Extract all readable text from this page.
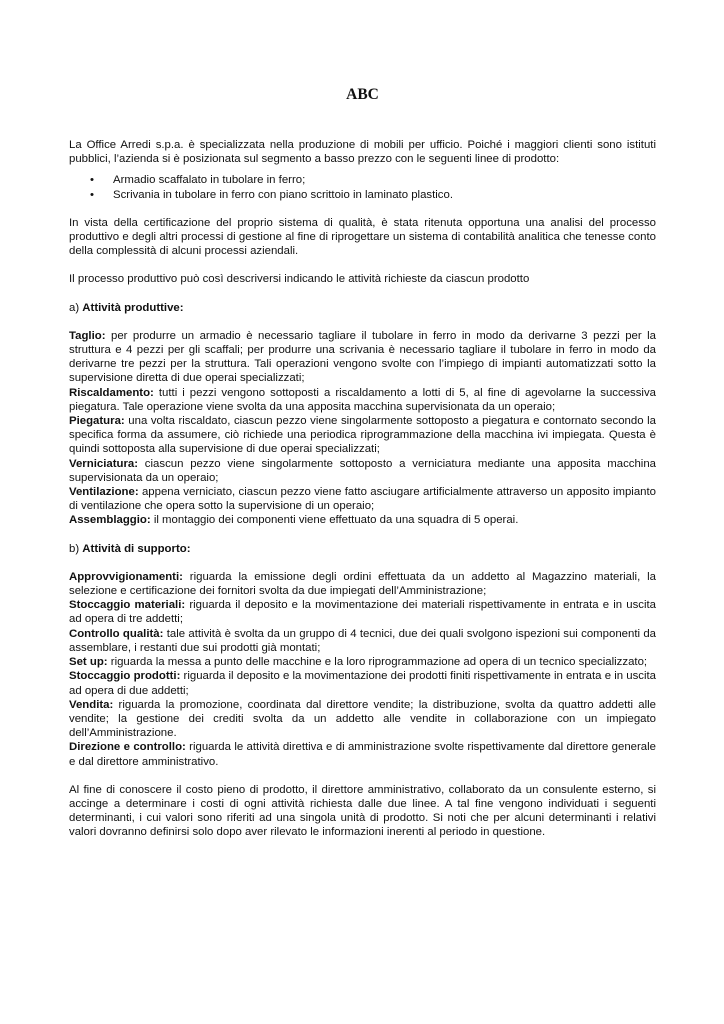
ABC

La Office Arredi s.p.a. è specializzata nella produzione di mobili per ufficio. Poiché i maggiori clienti sono istituti pubblici, l’azienda si è posizionata sul segmento a basso prezzo con le seguenti linee di prodotto:

• Armadio scaffalato in tubolare in ferro;
• Scrivania in tubolare in ferro con piano scrittoio in laminato plastico.

In vista della certificazione del proprio sistema di qualità, è stata ritenuta opportuna una analisi del processo produttivo e degli altri processi di gestione al fine di riprogettare un sistema di contabilità analitica che tenesse conto della complessità di alcuni processi aziendali.

Il processo produttivo può così descriversi indicando le attività richieste da ciascun prodotto

a) Attività produttive:

Taglio: per produrre un armadio è necessario tagliare il tubolare in ferro in modo da derivarne 3 pezzi per la struttura e 4 pezzi per gli scaffali; per produrre una scrivania è necessario tagliare il tubolare in ferro in modo da derivarne tre pezzi per la struttura. Tali operazioni vengono svolte con l’impiego di impianti automatizzati sotto la supervisione diretta di due operai specializzati;

Riscaldamento: tutti i pezzi vengono sottoposti a riscaldamento a lotti di 5, al fine di agevolarne la successiva piegatura. Tale operazione viene svolta da una apposita macchina supervisionata da un operaio;

Piegatura: una volta riscaldato, ciascun pezzo viene singolarmente sottoposto a piegatura e contornato secondo la specifica forma da assumere, ciò richiede una periodica riprogrammazione della macchina ivi impiegata. Questa è quindi sottoposta alla supervisione di due operai specializzati;

Verniciatura: ciascun pezzo viene singolarmente sottoposto a verniciatura mediante una apposita macchina supervisionata da un operaio;

Ventilazione: appena verniciato, ciascun pezzo viene fatto asciugare artificialmente attraverso un apposito impianto di ventilazione che opera sotto la supervisione di un operaio;

Assemblaggio: il montaggio dei componenti viene effettuato da una squadra di 5 operai.

b) Attività di supporto:

Approvvigionamenti: riguarda la emissione degli ordini effettuata da un addetto al Magazzino materiali, la selezione e certificazione dei fornitori svolta da due impiegati dell’Amministrazione;

Stoccaggio materiali: riguarda il deposito e la movimentazione dei materiali rispettivamente in entrata e in uscita ad opera di tre addetti;

Controllo qualità: tale attività è svolta da un gruppo di 4 tecnici, due dei quali svolgono ispezioni sui componenti da assemblare, i restanti due sui prodotti già montati;

Set up: riguarda la messa a punto delle macchine e la loro riprogrammazione ad opera di un tecnico specializzato;

Stoccaggio prodotti: riguarda il deposito e la movimentazione dei prodotti finiti rispettivamente in entrata e in uscita ad opera di due addetti;

Vendita: riguarda la promozione, coordinata dal direttore vendite; la distribuzione, svolta da quattro addetti alle vendite; la gestione dei crediti svolta da un addetto alle vendite in collaborazione con un impiegato dell’Amministrazione.

Direzione e controllo: riguarda le attività direttiva e di amministrazione svolte rispettivamente dal direttore generale e dal direttore amministrativo.

Al fine di conoscere il costo pieno di prodotto, il direttore amministrativo, collaborato da un consulente esterno, si accinge a determinare i costi di ogni attività richiesta dalle due linee. A tal fine vengono individuati i seguenti determinanti, i cui valori sono riferiti ad una singola unità di prodotto. Si noti che per alcuni determinanti i relativi valori dovranno definirsi solo dopo aver rilevato le informazioni inerenti al periodo in questione.
